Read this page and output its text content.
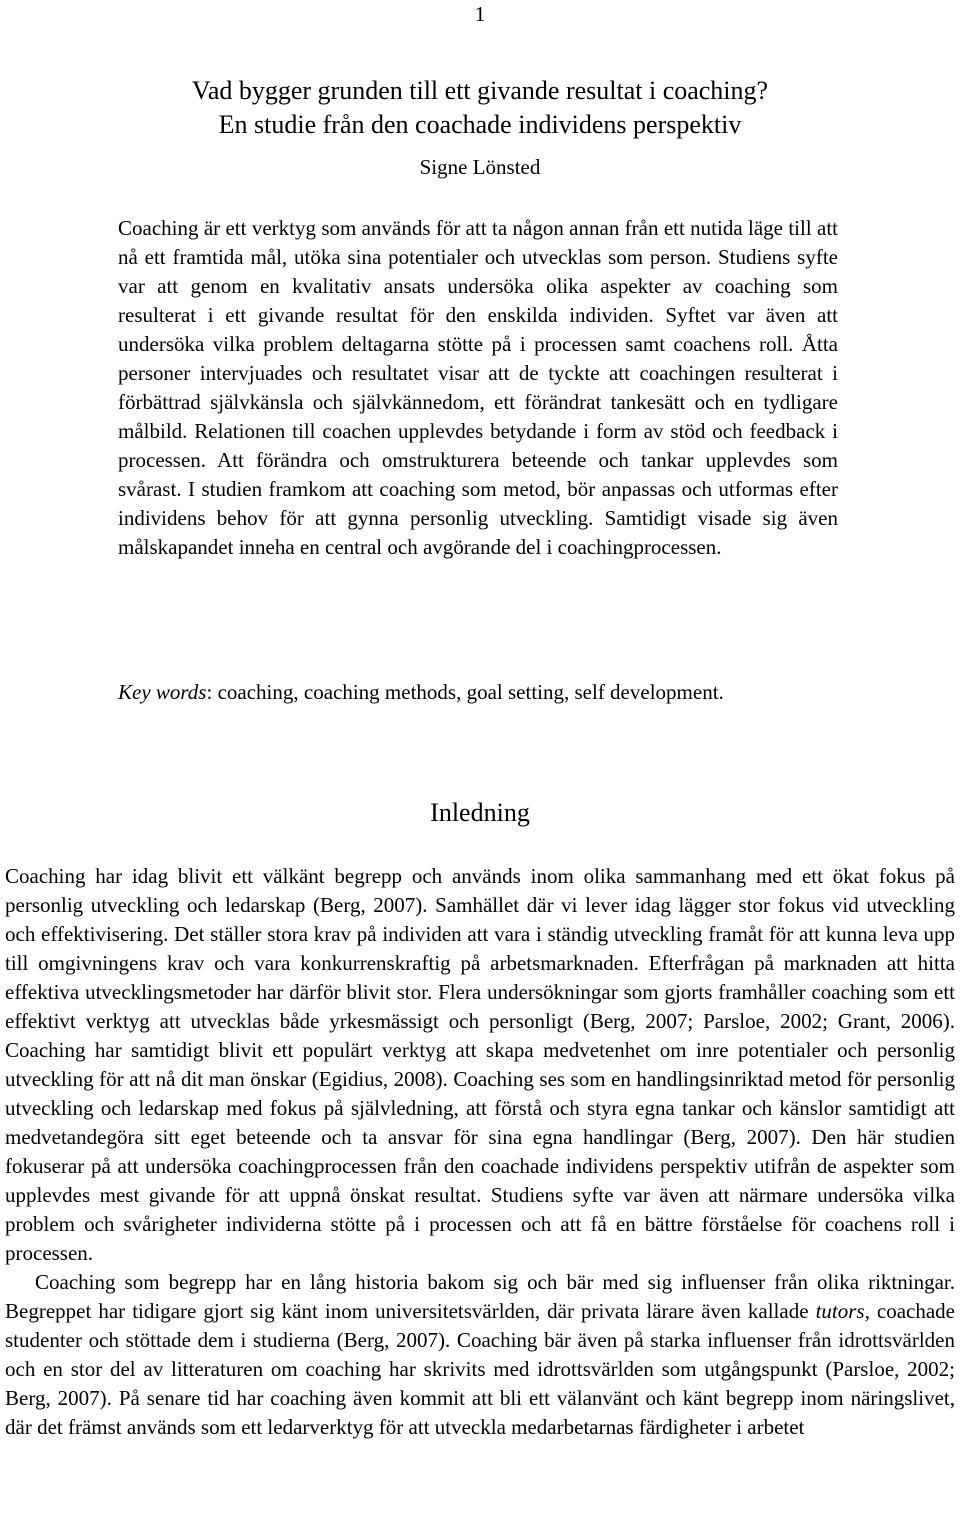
1
Vad bygger grunden till ett givande resultat i coaching?
En studie från den coachade individens perspektiv
Signe Lönsted

Coaching är ett verktyg som används för att ta någon annan från ett nutida läge till att nå ett framtida mål, utöka sina potentialer och utvecklas som person. Studiens syfte var att genom en kvalitativ ansats undersöka olika aspekter av coaching som resulterat i ett givande resultat för den enskilda individen. Syftet var även att undersöka vilka problem deltagarna stötte på i processen samt coachens roll. Åtta personer intervjuades och resultatet visar att de tyckte att coachingen resulterat i förbättrad självkänsla och självkännedom, ett förändrat tankesätt och en tydligare målbild. Relationen till coachen upplevdes betydande i form av stöd och feedback i processen. Att förändra och omstrukturera beteende och tankar upplevdes som svårast. I studien framkom att coaching som metod, bör anpassas och utformas efter individens behov för att gynna personlig utveckling. Samtidigt visade sig även målskapandet inneha en central och avgörande del i coachingprocessen.

Key words: coaching, coaching methods, goal setting, self development.

Inledning

Coaching har idag blivit ett välkänt begrepp och används inom olika sammanhang med ett ökat fokus på personlig utveckling och ledarskap (Berg, 2007). Samhället där vi lever idag lägger stor fokus vid utveckling och effektivisering. Det ställer stora krav på individen att vara i ständig utveckling framåt för att kunna leva upp till omgivningens krav och vara konkurrenskraftig på arbetsmarknaden. Efterfrågan på marknaden att hitta effektiva utvecklingsmetoder har därför blivit stor. Flera undersökningar som gjorts framhåller coaching som ett effektivt verktyg att utvecklas både yrkesmässigt och personligt (Berg, 2007; Parsloe, 2002; Grant, 2006). Coaching har samtidigt blivit ett populärt verktyg att skapa medvetenhet om inre potentialer och personlig utveckling för att nå dit man önskar (Egidius, 2008). Coaching ses som en handlingsinriktad metod för personlig utveckling och ledarskap med fokus på självledning, att förstå och styra egna tankar och känslor samtidigt att medvetandegöra sitt eget beteende och ta ansvar för sina egna handlingar (Berg, 2007). Den här studien fokuserar på att undersöka coachingprocessen från den coachade individens perspektiv utifrån de aspekter som upplevdes mest givande för att uppnå önskat resultat. Studiens syfte var även att närmare undersöka vilka problem och svårigheter individerna stötte på i processen och att få en bättre förståelse för coachens roll i processen.

Coaching som begrepp har en lång historia bakom sig och bär med sig influenser från olika riktningar. Begreppet har tidigare gjort sig känt inom universitetsvärlden, där privata lärare även kallade tutors, coachade studenter och stöttade dem i studierna (Berg, 2007). Coaching bär även på starka influenser från idrottsvärlden och en stor del av litteraturen om coaching har skrivits med idrottsvärlden som utgångspunkt (Parsloe, 2002; Berg, 2007). På senare tid har coaching även kommit att bli ett välanvänt och känt begrepp inom näringslivet, där det främst används som ett ledarverktyg för att utveckla medarbetarnas färdigheter i arbetet
